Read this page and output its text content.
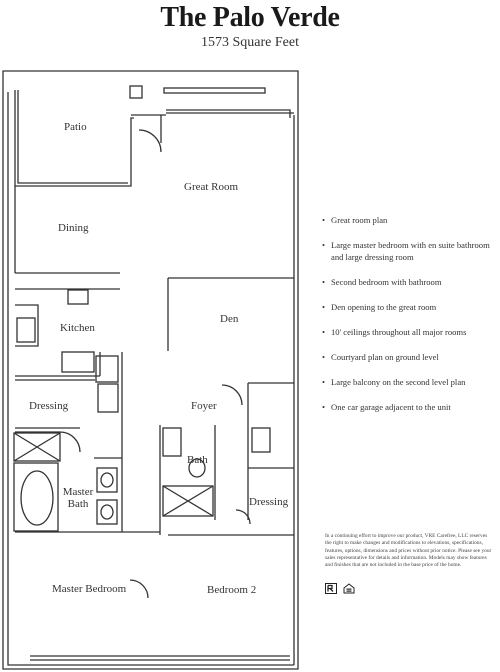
The Palo Verde
1573 Square Feet
Patio
Great Room
Dining
Den
Kitchen
Dressing	Foyer
Bath
Master
Bath	Dressing
Master Bedroom	Bedroom 2
• Great room plan
• Large master bedroom with en suite bathroom and large dressing room
• Second bedroom with bathroom
• Den opening to the great room
• 10' ceilings throughout all major rooms
• Courtyard plan on ground level
• Large balcony on the second level plan
• One car garage adjacent to the unit
In a continuing effort to improve our product, VRE Carefree, LLC reserves the right to make changes and modifications to elevations, specifications, features, options, dimensions and prices without prior notice. Please see your sales representative for details and information. Models may show features and finishes that are not included in the base price of the home.
